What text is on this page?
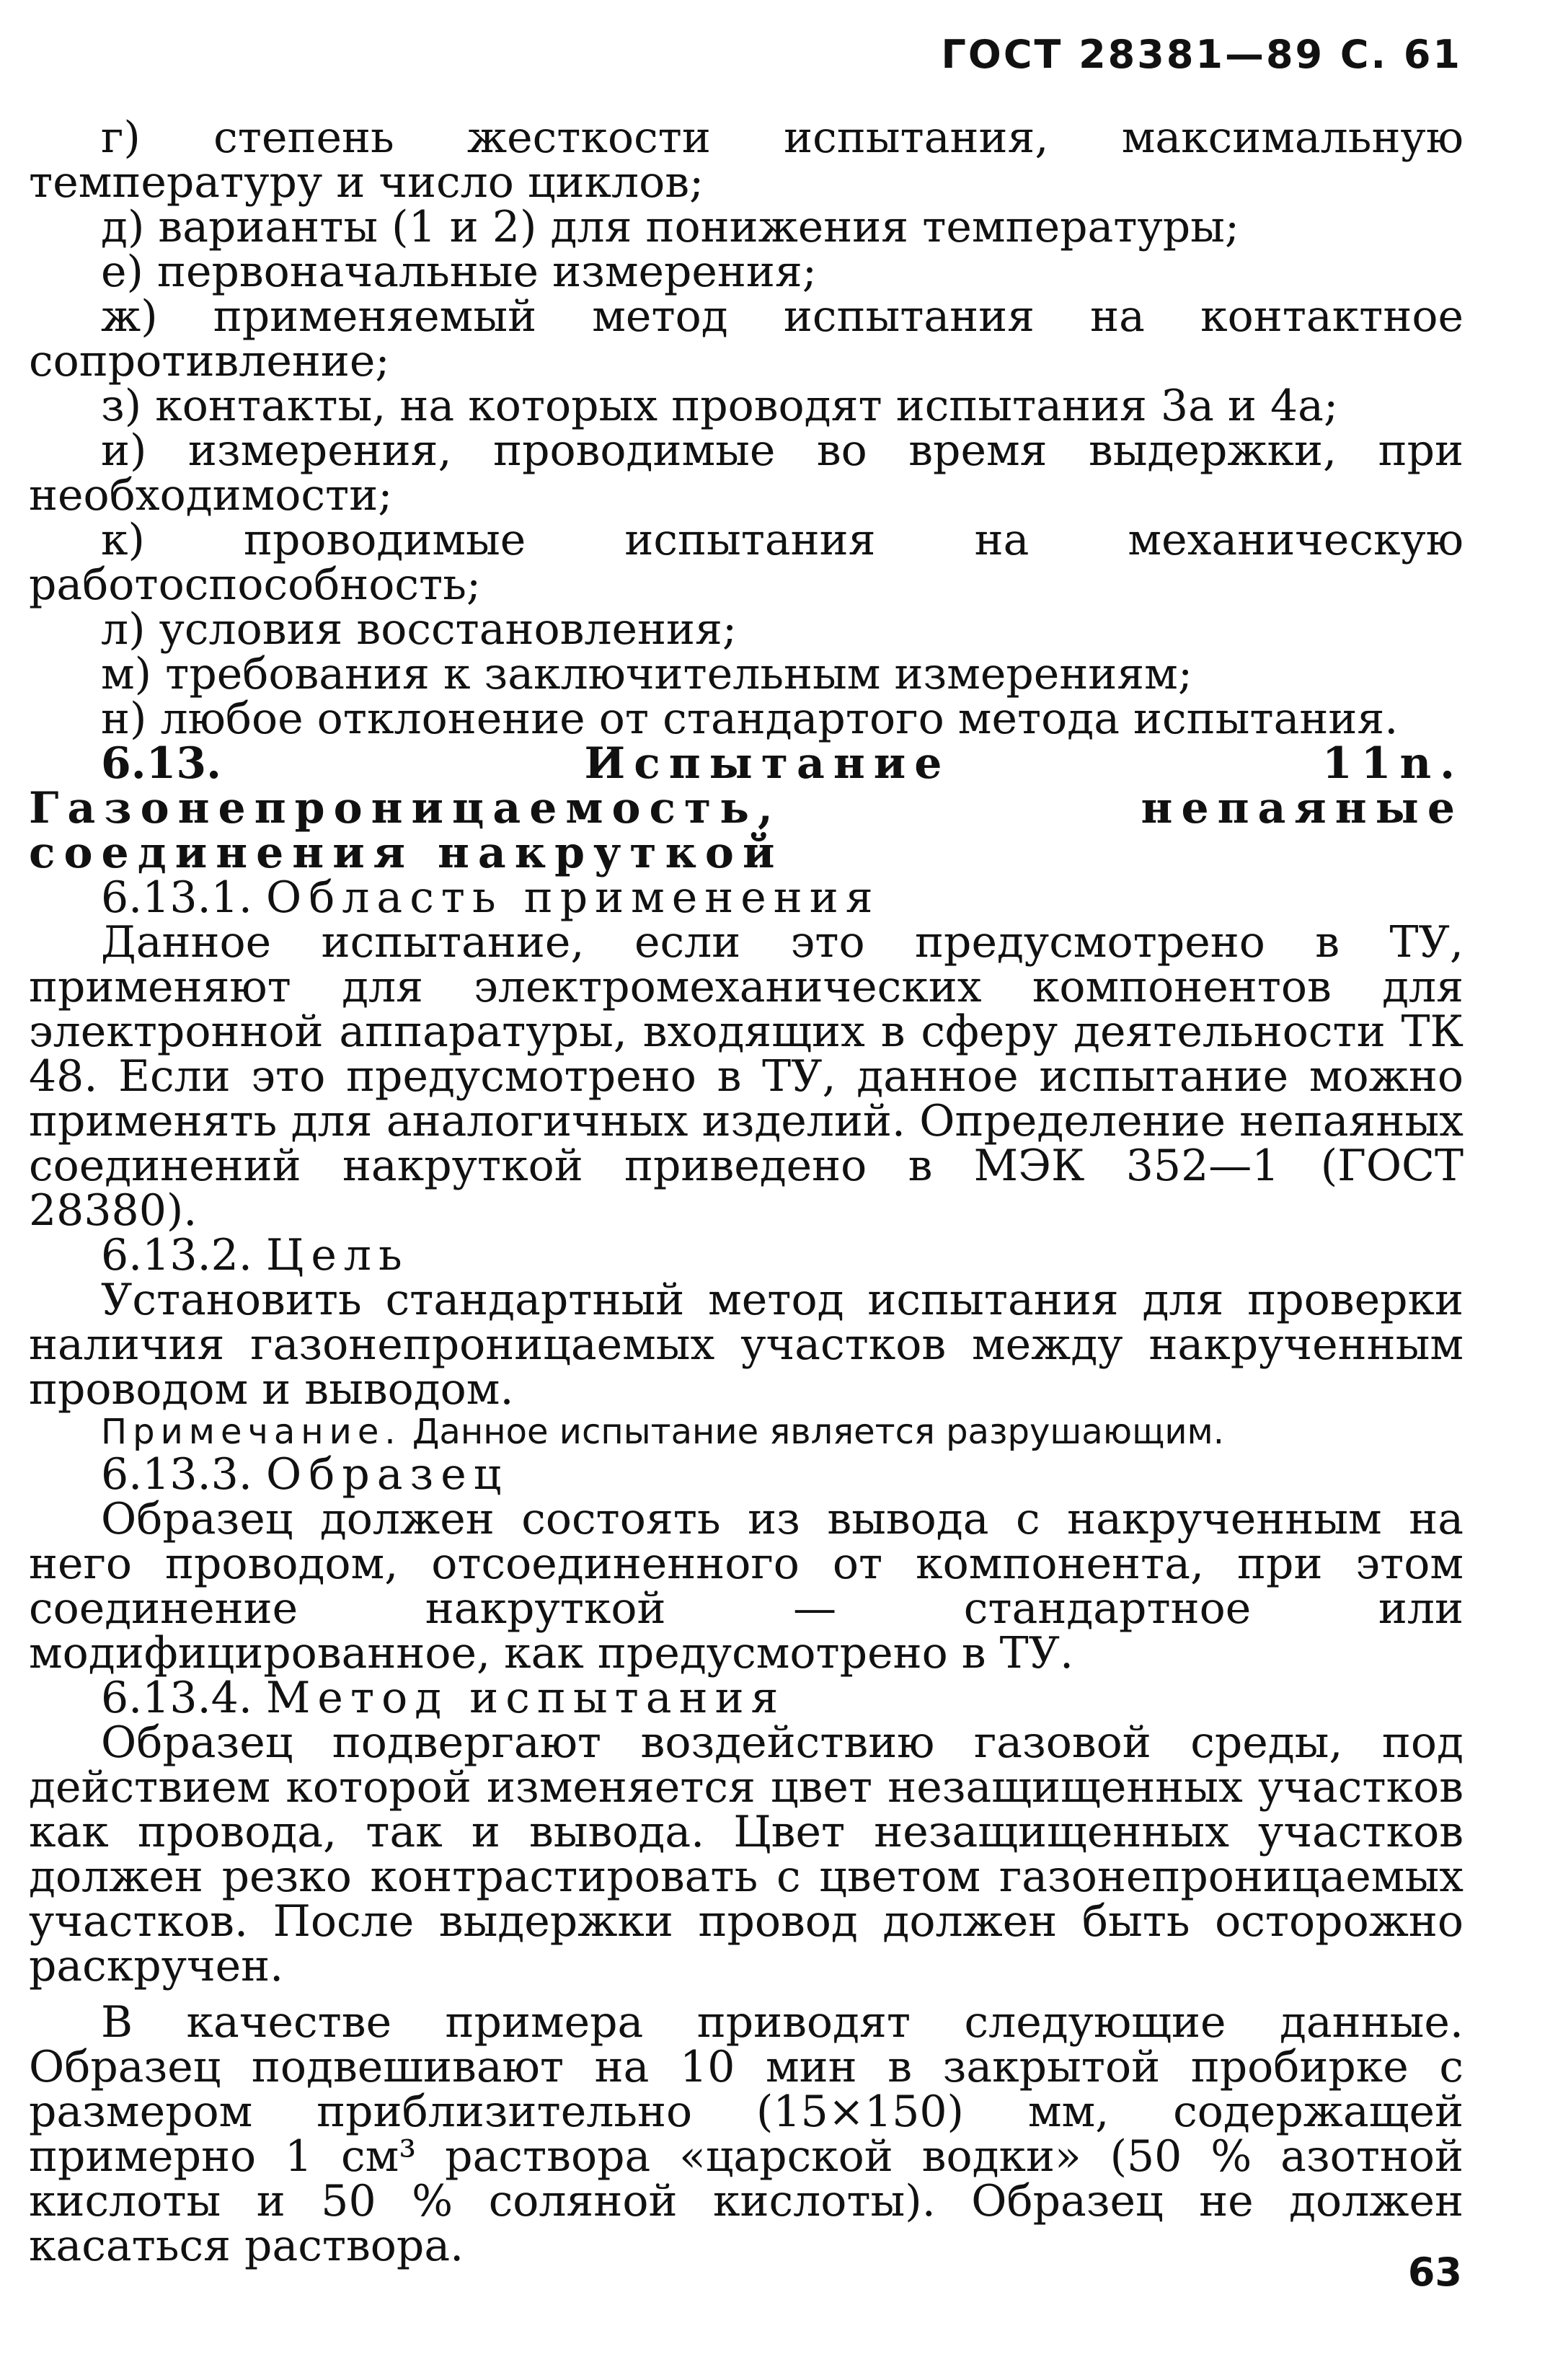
ГОСТ 28381—89 С. 61

г) степень жесткости испытания, максимальную температуру и число циклов;

д) варианты (1 и 2) для понижения температуры;

е) первоначальные измерения;

ж) применяемый метод испытания на контактное сопротивление;

з) контакты, на которых проводят испытания 3а и 4а;

и) измерения, проводимые во время выдержки, при необходимости;

к) проводимые испытания на механическую работоспособность;

л) условия восстановления;

м) требования к заключительным измерениям;

н) любое отклонение от стандартого метода испытания.

6.13.	Испытание 11n. Газонепроницаемость, непаяные соединения накруткой

6.13.1. Область применения

Данное испытание, если это предусмотрено в ТУ, применяют для электромеханических компонентов для электронной аппаратуры, входящих в сферу деятельности ТК 48. Если это предусмотрено в ТУ, данное испытание можно применять для аналогичных изделий. Определение непаяных соединений накруткой приведено в МЭК 352—1 (ГОСТ 28380).

6.13.2. Цель

Установить стандартный метод испытания для проверки наличия газонепроницаемых участков между накрученным проводом и выводом.

Примечание. Данное испытание является разрушающим.

6.13.3. Образец

Образец должен состоять из вывода с накрученным на него проводом, отсоединенного от компонента, при этом соединение накруткой — стандартное или модифицированное, как предусмотрено в ТУ.

6.13.4. Метод испытания

Образец подвергают воздействию газовой среды, под действием которой изменяется цвет незащищенных участков как провода, так и вывода. Цвет незащищенных участков должен резко контрастировать с цветом газонепроницаемых участков. После выдержки провод должен быть осторожно раскручен.

В качестве примера приводят следующие данные. Образец подвешивают на 10 мин в закрытой пробирке с размером приблизительно (15×150) мм, содержащей примерно 1 см³ раствора «царской водки» (50 % азотной кислоты и 50 % соляной кислоты). Образец не должен касаться раствора.

63
